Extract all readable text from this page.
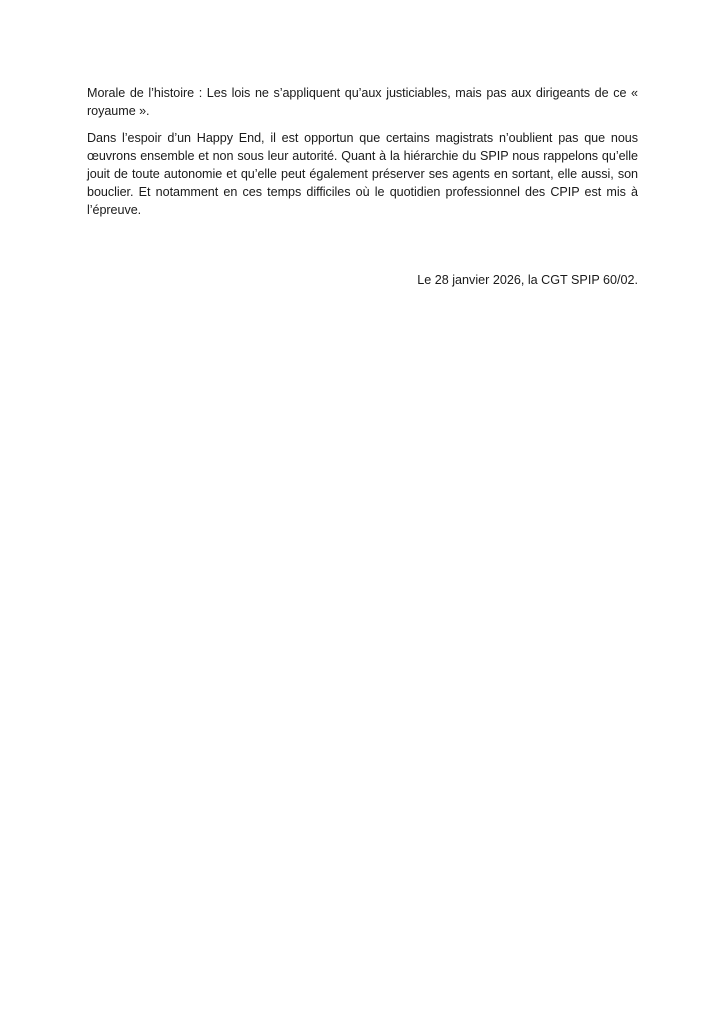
Morale de l’histoire : Les lois ne s’appliquent qu’aux justiciables, mais pas aux dirigeants de ce « royaume ».

Dans l’espoir d’un Happy End, il est opportun que certains magistrats n’oublient pas que nous œuvrons ensemble et non sous leur autorité. Quant à la hiérarchie du SPIP nous rappelons qu’elle jouit de toute autonomie et qu’elle peut également préserver ses agents en sortant, elle aussi, son bouclier. Et notamment en ces temps difficiles où le quotidien professionnel des CPIP est mis à l’épreuve.

Le 28 janvier 2026, la CGT SPIP 60/02.
